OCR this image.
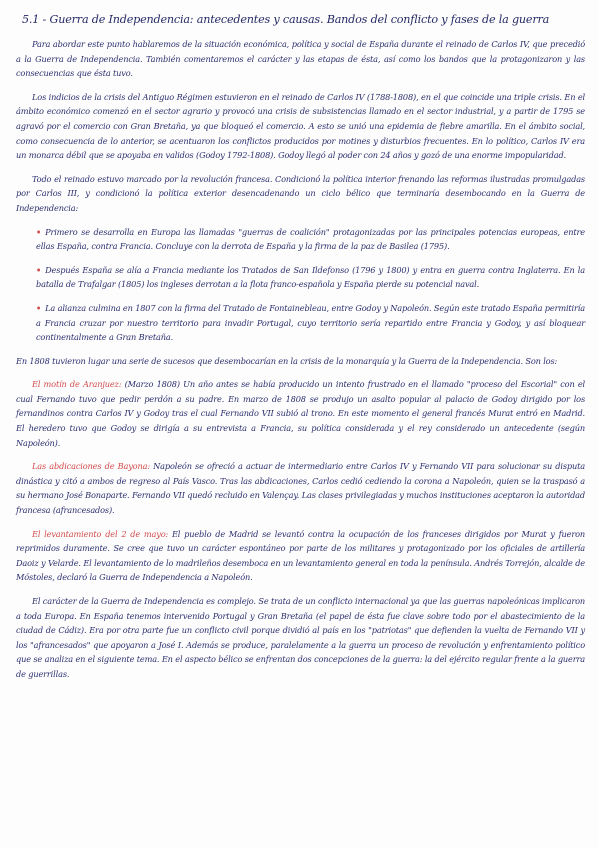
5.1 - Guerra de Independencia: antecedentes y causas. Bandos del conflicto y fases de la guerra

Para abordar este punto hablaremos de la situación económica, política y social de España durante el reinado de Carlos IV, que precedió a la Guerra de Independencia. También comentaremos el carácter y las etapas de ésta, así como los bandos que la protagonizaron y las consecuencias que ésta tuvo.

Los indicios de la crisis del Antiguo Régimen estuvieron en el reinado de Carlos IV (1788-1808), en el que coincide una triple crisis. En el ámbito económico comenzó en el sector agrario y provocó una crisis de subsistencias llamado en el sector industrial, y a partir de 1795 se agravó por el comercio con Gran Bretaña, ya que bloqueó el comercio. A esto se unió una epidemia de fiebre amarilla. En el ámbito social, como consecuencia de lo anterior, se acentuaron los conflictos producidos por motines y disturbios frecuentes. En lo político, Carlos IV era un monarca débil que se apoyaba en validos (Godoy 1792-1808). Godoy llegó al poder con 24 años y gozó de una enorme impopularidad.

Todo el reinado estuvo marcado por la revolución francesa. Condicionó la política interior frenando las reformas ilustradas promulgadas por Carlos III, y condicionó la política exterior desencadenando un ciclo bélico que terminaría desembocando en la Guerra de Independencia:

• Primero se desarrolla en Europa las llamadas "guerras de coalición" protagonizadas por las principales potencias europeas, entre ellas España, contra Francia. Concluye con la derrota de España y la firma de la paz de Basilea (1795).

• Después España se alía a Francia mediante los Tratados de San Ildefonso (1796 y 1800) y entra en guerra contra Inglaterra. En la batalla de Trafalgar (1805) los ingleses derrotan a la flota franco-española y España pierde su potencial naval.

• La alianza culmina en 1807 con la firma del Tratado de Fontainebleau, entre Godoy y Napoleón. Según este tratado España permitiría a Francia cruzar por nuestro territorio para invadir Portugal, cuyo territorio sería repartido entre Francia y Godoy, y así bloquear continentalmente a Gran Bretaña.

En 1808 tuvieron lugar una serie de sucesos que desembocarían en la crisis de la monarquía y la Guerra de la Independencia. Son los:

El motín de Aranjuez: (Marzo 1808) Un año antes se había producido un intento frustrado en el llamado "proceso del Escorial" con el cual Fernando tuvo que pedir perdón a su padre. En marzo de 1808 se produjo un asalto popular al palacio de Godoy dirigido por los fernandinos contra Carlos IV y Godoy tras el cual Fernando VII subió al trono. En este momento el general francés Murat entró en Madrid. El heredero tuvo que Godoy se dirigía a su entrevista a Francia, su política considerada y el rey considerado un antecedente (según Napoleón).

Las abdicaciones de Bayona: Napoleón se ofreció a actuar de intermediario entre Carlos IV y Fernando VII para solucionar su disputa dinástica y citó a ambos de regreso al País Vasco. Tras las abdicaciones, Carlos cedió cediendo la corona a Napoleón, quien se la traspasó a su hermano José Bonaparte. Fernando VII quedó recluido en Valençay. Las clases privilegiadas y muchos instituciones aceptaron la autoridad francesa (afrancesados).

El levantamiento del 2 de mayo: El pueblo de Madrid se levantó contra la ocupación de los franceses dirigidos por Murat y fueron reprimidos duramente. Se cree que tuvo un carácter espontáneo por parte de los militares y protagonizado por los oficiales de artillería Daoiz y Velarde. El levantamiento de lo madrileños desemboca en un levantamiento general en toda la península. Andrés Torrejón, alcalde de Móstoles, declaró la Guerra de Independencia a Napoleón.

El carácter de la Guerra de Independencia es complejo. Se trata de un conflicto internacional ya que las guerras napoleónicas implicaron a toda Europa. En España tenemos intervenido Portugal y Gran Bretaña (el papel de ésta fue clave sobre todo por el abastecimiento de la ciudad de Cádiz). Era por otra parte fue un conflicto civil porque dividió al país en los "patriotas" que defienden la vuelta de Fernando VII y los "afrancesados" que apoyaron a José I. Además se produce, paralelamente a la guerra un proceso de revolución y enfrentamiento político que se analiza en el siguiente tema. En el aspecto bélico se enfrentan dos concepciones de la guerra: la del ejército regular frente a la guerra de guerrillas.
